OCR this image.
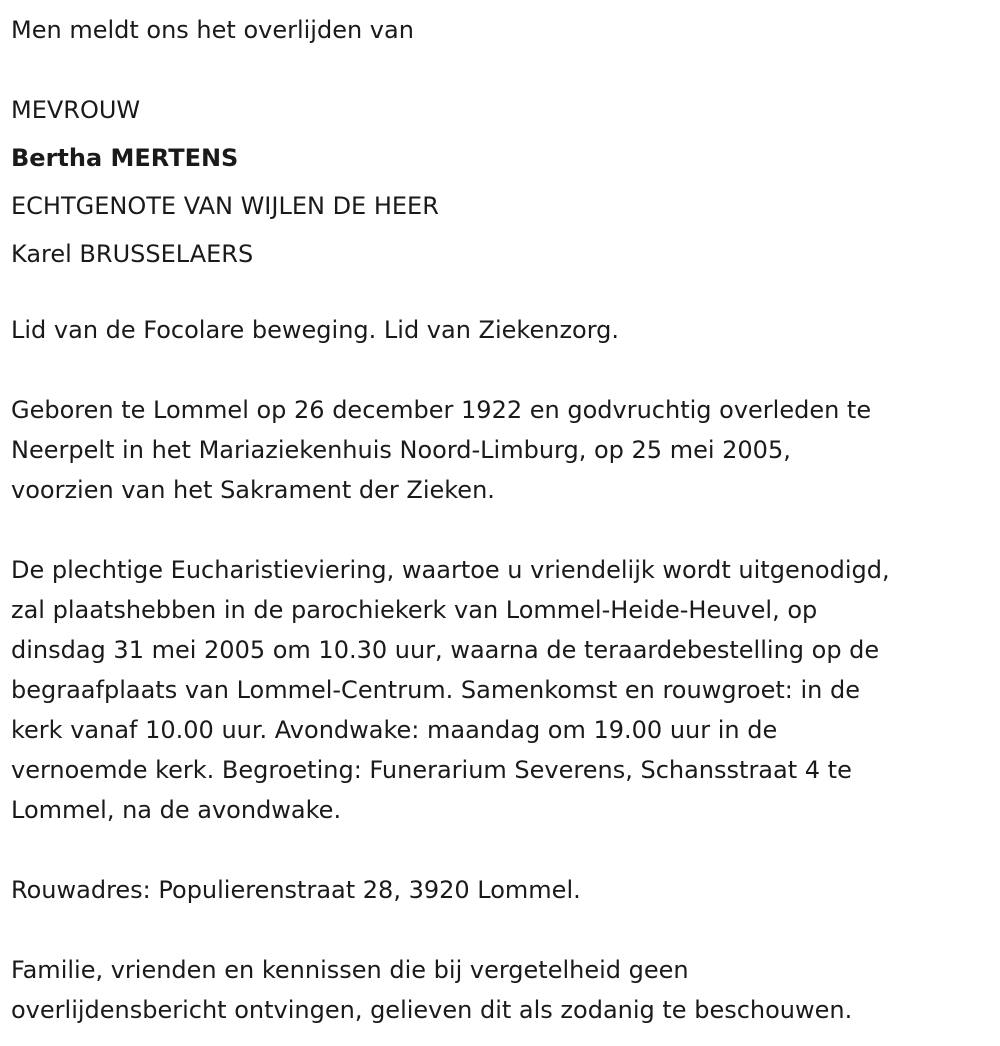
Men meldt ons het overlijden van

MEVROUW

Bertha MERTENS

ECHTGENOTE VAN WIJLEN DE HEER

Karel BRUSSELAERS

Lid van de Focolare beweging. Lid van Ziekenzorg.

Geboren te Lommel op 26 december 1922 en godvruchtig overleden te

Neerpelt in het Mariaziekenhuis Noord-Limburg, op 25 mei 2005,

voorzien van het Sakrament der Zieken.

De plechtige Eucharistieviering, waartoe u vriendelijk wordt uitgenodigd,

zal plaatshebben in de parochiekerk van Lommel-Heide-Heuvel, op

dinsdag 31 mei 2005 om 10.30 uur, waarna de teraardebestelling op de

begraafplaats van Lommel-Centrum. Samenkomst en rouwgroet: in de

kerk vanaf 10.00 uur. Avondwake: maandag om 19.00 uur in de

vernoemde kerk. Begroeting: Funerarium Severens, Schansstraat 4 te

Lommel, na de avondwake.

Rouwadres: Populierenstraat 28, 3920 Lommel.

Familie, vrienden en kennissen die bij vergetelheid geen

overlijdensbericht ontvingen, gelieven dit als zodanig te beschouwen.
